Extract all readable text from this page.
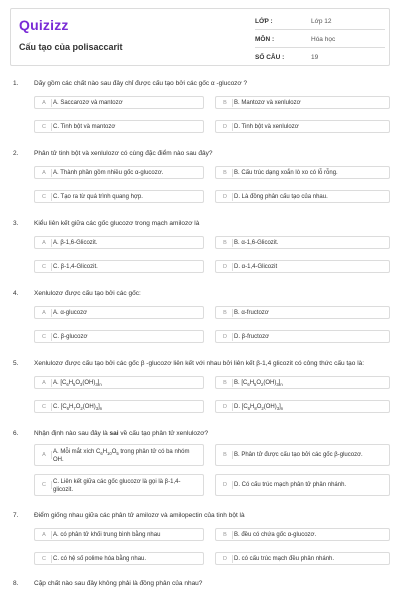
Quizizz
Cấu tạo của polisaccarit
LỚP :	Lớp 12
MÔN :	Hóa học
SỐ CÂU :	19
1. Dãy gồm các chất nào sau đây chỉ được cấu tạo bởi các gốc α -glucozơ ?
A	A. Saccarozơ và mantozơ	B	B. Mantozơ và xenlulozơ
C	C. Tinh bột và mantozơ	D	D. Tinh bột và xenlulozơ
2. Phân tử tinh bột và xenlulozơ có cùng đặc điểm nào sau đây?
A	A. Thành phần gồm nhiều gốc α-glucozơ.	B	B. Cấu trúc dạng xoắn lò xo có lỗ rỗng.
C	C. Tạo ra từ quá trình quang hợp.	D	D. Là đồng phân cấu tạo của nhau.
3. Kiểu liên kết giữa các gốc glucozơ trong mạch amilozơ là
A	A. β-1,6-Glicozit.	B	B. α-1,6-Glicozit.
C	C. β-1,4-Glicozit.	D	D. α-1,4-Glicozit
4. Xenlulozơ được cấu tạo bởi các gốc:
A	A. α-glucozơ	B	B. α-fructozơ
C	C. β-glucozơ	D	D. β-fructozơ
5. Xenlulozơ được cấu tạo bởi các gốc β -glucozơ liên kết với nhau bởi liên kết β-1,4 glicozit có công thức cấu tạo là:
A	A. $[C_6H_5O_3(OH)_3]_n$	B	B. $[C_6H_5O_2(OH)_3]_n$
C	C. $[C_6H_7O_2(OH)_3]_n$	D	D. $[C_6H_8O_2(OH)_3]_n$
6. Nhận định nào sau đây là sai về cấu tạo phân tử xenlulozơ?
A	A. Mỗi mắt xích $C_6H_{10}O_5$ trong phân tử có ba nhóm OH.
B	B. Phân tử được cấu tạo bởi các gốc β-glucozơ.
C	C. Liên kết giữa các gốc glucozơ là gọi là β-1,4-glicozit.
D	D. Có cấu trúc mạch phân tử phân nhánh.
7. Điểm giống nhau giữa các phân tử amilozơ và amilopectin của tinh bột là
A	A. có phân tử khối trung bình bằng nhau	B	B. đều có chứa gốc α-glucozơ.
C	C. có hệ số polime hóa bằng nhau.	D	D. có cấu trúc mạch đều phân nhánh.
8. Cặp chất nào sau đây không phải là đồng phân của nhau?
